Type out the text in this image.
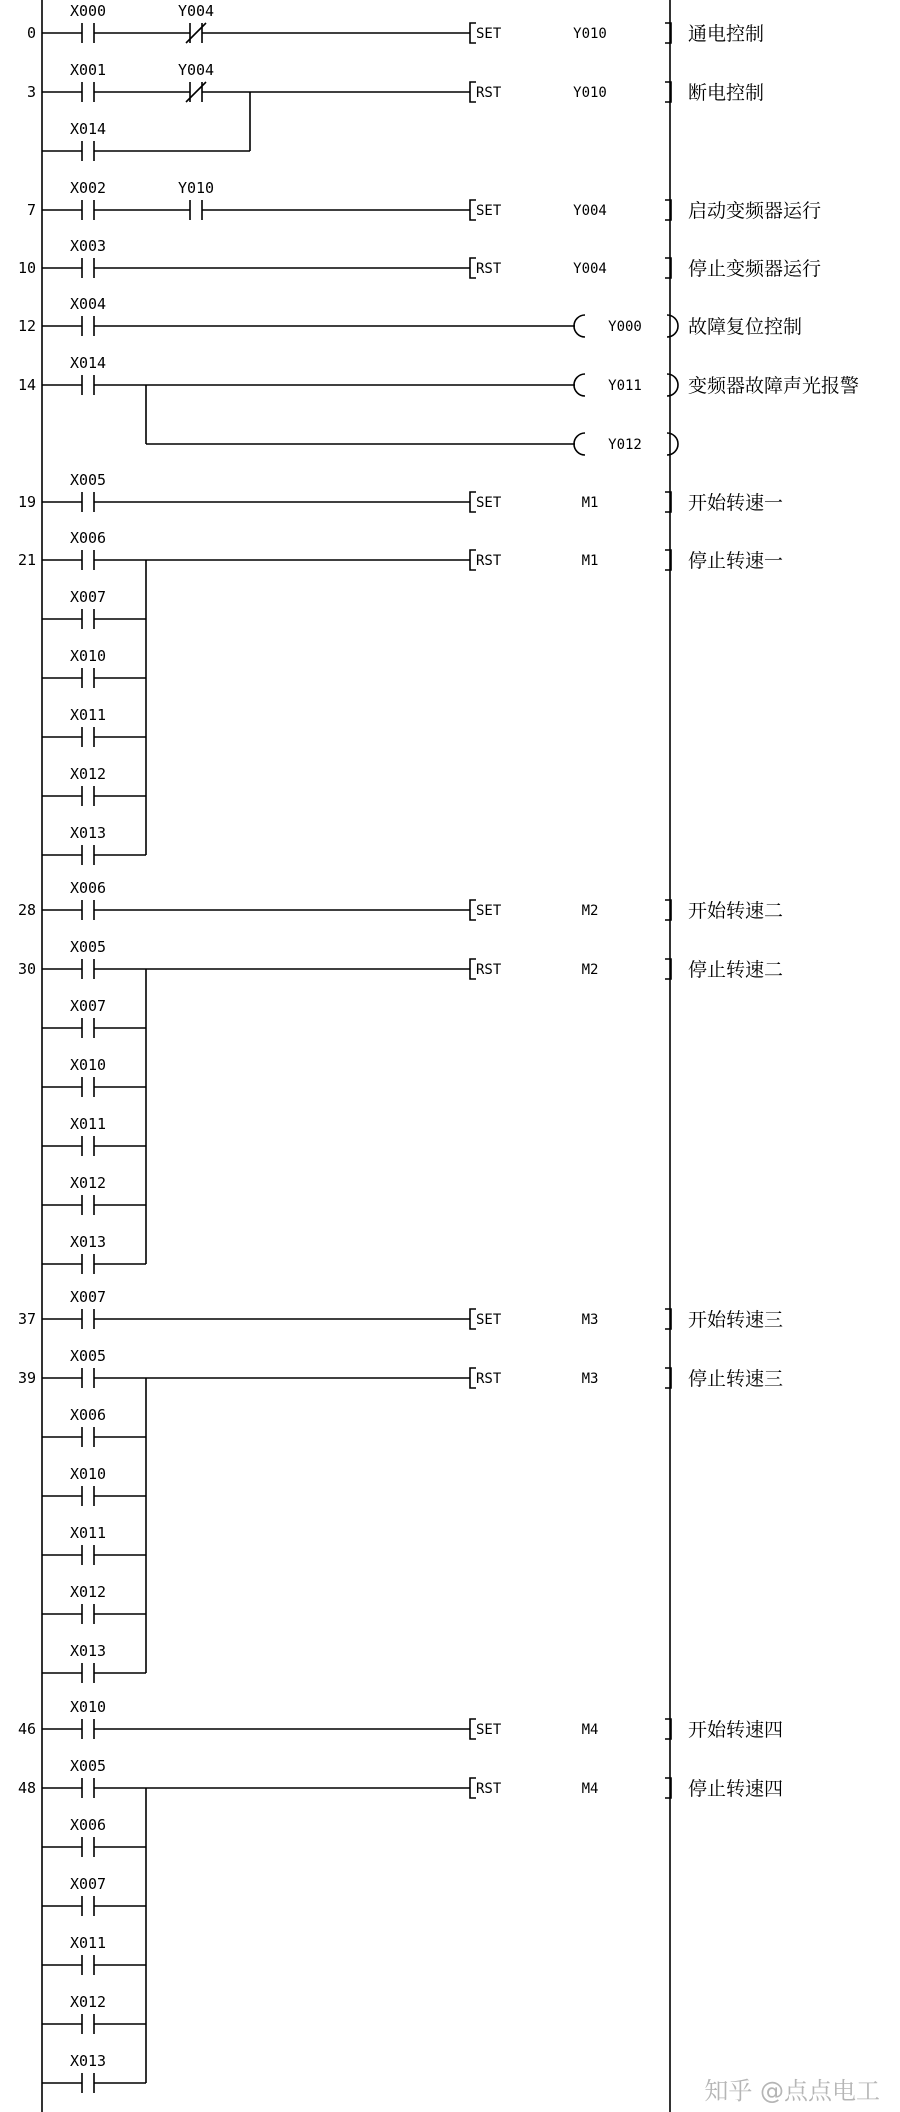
0
X000	Y004
SET	Y010	通电控制
3
X001	Y004
X014
RST	Y010	断电控制
7
X002	Y010
SET	Y004	启动变频器运行
10
X003
RST	Y004	停止变频器运行
12
X004
Y000 故障复位控制
14
X014
Y011 变频器故障声光报警
Y012
19
X005
SET	M1	开始转速一
21
X006
X007
X010
X011
X012
X013
RST	M1	停止转速一
28
X006
SET	M2	开始转速二
30
X005
X007
X010
X011
X012
X013
RST	M2	停止转速二
37
X007
SET	M3	开始转速三
39
X005
X006
X010
X011
X012
X013
RST	M3	停止转速三
46
X010
SET	M4	开始转速四
48
X005
X006
X007
X011
X012
X013
RST	M4	停止转速四
知乎 @点点电工
